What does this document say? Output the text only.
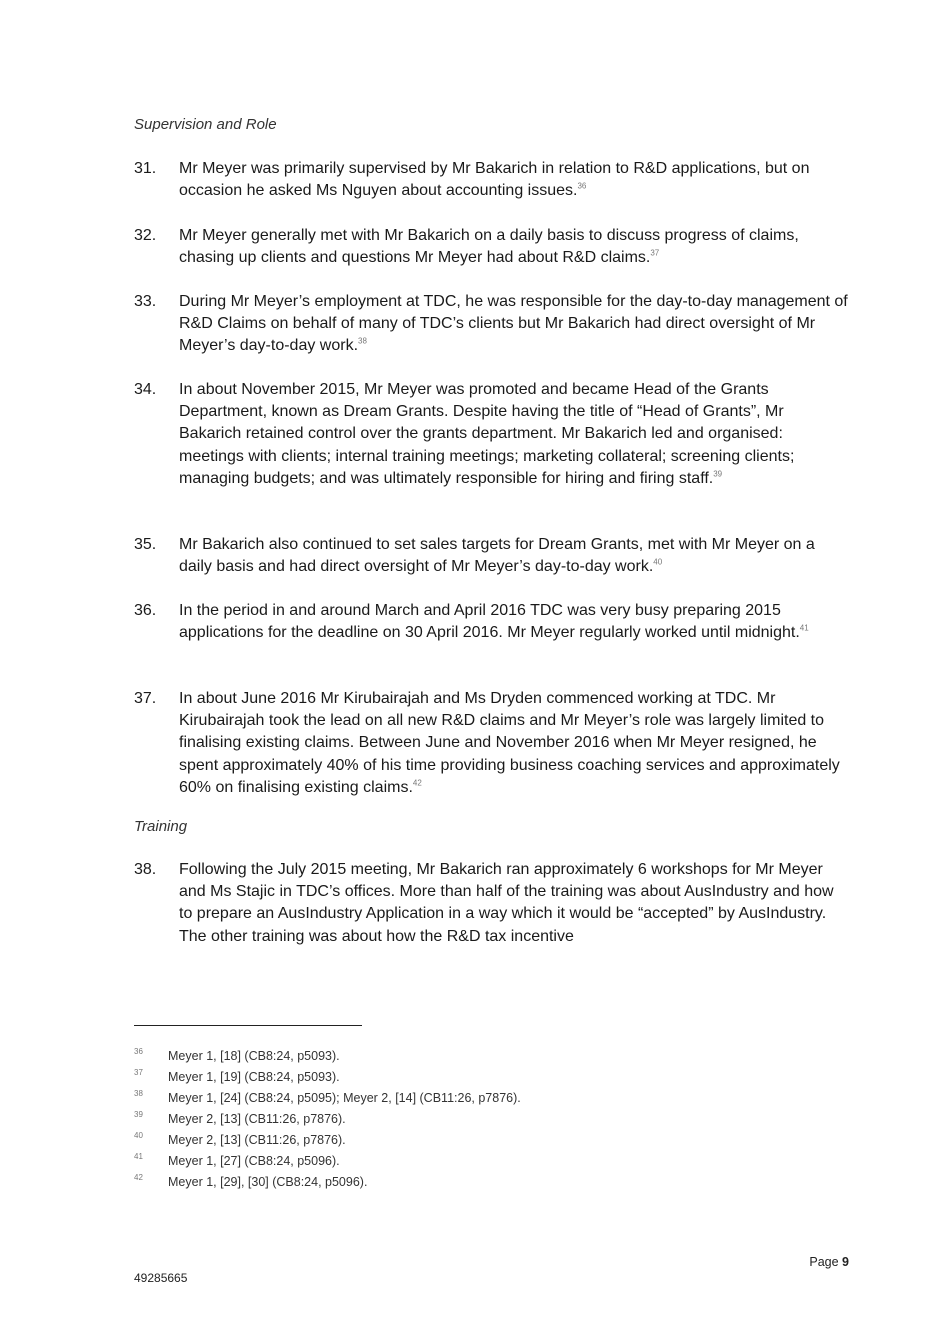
Supervision and Role
31. Mr Meyer was primarily supervised by Mr Bakarich in relation to R&D applications, but on occasion he asked Ms Nguyen about accounting issues.$^{36}$
32. Mr Meyer generally met with Mr Bakarich on a daily basis to discuss progress of claims, chasing up clients and questions Mr Meyer had about R&D claims.$^{37}$
33. During Mr Meyer’s employment at TDC, he was responsible for the day-to-day management of R&D Claims on behalf of many of TDC’s clients but Mr Bakarich had direct oversight of Mr Meyer’s day-to-day work.$^{38}$
34. In about November 2015, Mr Meyer was promoted and became Head of the Grants Department, known as Dream Grants. Despite having the title of “Head of Grants”, Mr Bakarich retained control over the grants department. Mr Bakarich led and organised: meetings with clients; internal training meetings; marketing collateral; screening clients; managing budgets; and was ultimately responsible for hiring and firing staff.$^{39}$
35. Mr Bakarich also continued to set sales targets for Dream Grants, met with Mr Meyer on a daily basis and had direct oversight of Mr Meyer’s day-to-day work.$^{40}$
36. In the period in and around March and April 2016 TDC was very busy preparing 2015 applications for the deadline on 30 April 2016. Mr Meyer regularly worked until midnight.$^{41}$
37. In about June 2016 Mr Kirubairajah and Ms Dryden commenced working at TDC. Mr Kirubairajah took the lead on all new R&D claims and Mr Meyer’s role was largely limited to finalising existing claims. Between June and November 2016 when Mr Meyer resigned, he spent approximately 40% of his time providing business coaching services and approximately 60% on finalising existing claims.$^{42}$
Training
38. Following the July 2015 meeting, Mr Bakarich ran approximately 6 workshops for Mr Meyer and Ms Stajic in TDC’s offices. More than half of the training was about AusIndustry and how to prepare an AusIndustry Application in a way which it would be “accepted” by AusIndustry. The other training was about how the R&D tax incentive
36 Meyer 1, [18] (CB8:24, p5093).
37 Meyer 1, [19] (CB8:24, p5093).
38 Meyer 1, [24] (CB8:24, p5095); Meyer 2, [14] (CB11:26, p7876).
39 Meyer 2, [13] (CB11:26, p7876).
40 Meyer 2, [13] (CB11:26, p7876).
41 Meyer 1, [27] (CB8:24, p5096).
42 Meyer 1, [29], [30] (CB8:24, p5096).
Page 9
49285665
